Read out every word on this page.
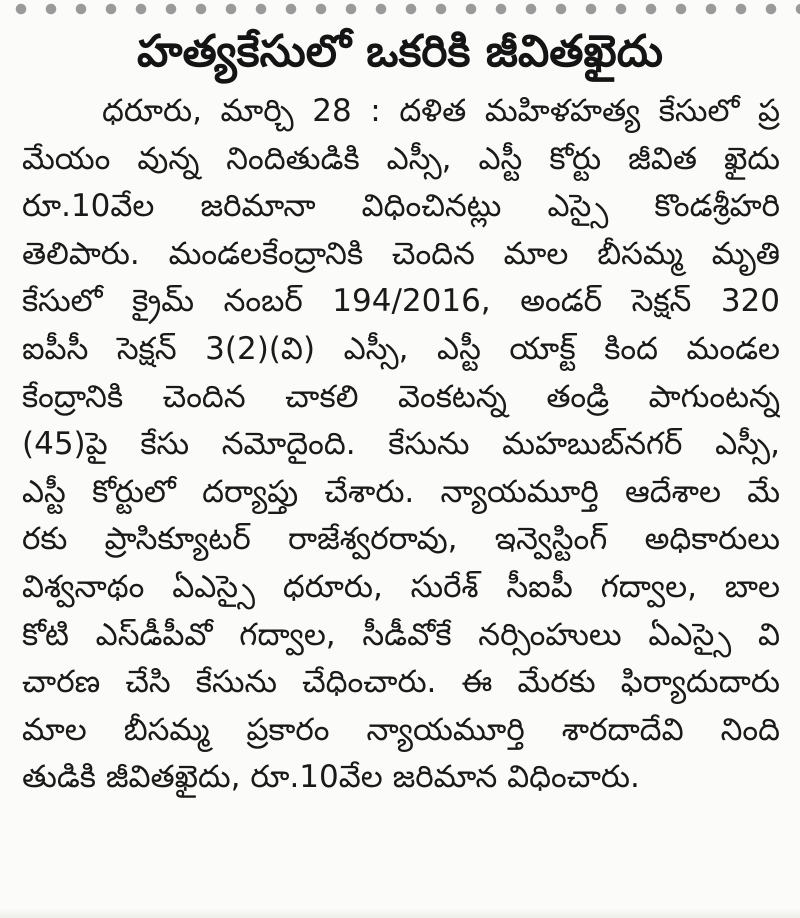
హత్యకేసులో ఒకరికి జీవితఖైదు
ధరూరు, మార్చి 28 : దళిత మహిళహత్య కేసులో ప్ర
మేయం వున్న నిందితుడికి ఎస్సీ, ఎస్టీ కోర్టు జీవిత ఖైదు
రూ.10వేల జరిమానా విధించినట్లు ఎస్సై కొండశ్రీహరి
తెలిపారు. మండలకేంద్రానికి చెందిన మాల బీసమ్మ మృతి
కేసులో క్రైమ్ నంబర్ 194/2016, అండర్ సెక్షన్ 320
ఐపీసీ సెక్షన్ 3(2)(వి) ఎస్సీ, ఎస్టీ యాక్ట్ కింద మండల
కేంద్రానికి చెందిన చాకలి వెంకటన్న తండ్రి పాగుంటన్న
(45)పై కేసు నమోదైంది. కేసును మహబుబ్‌నగర్ ఎస్సీ,
ఎస్టీ కోర్టులో దర్యాప్తు చేశారు. న్యాయమూర్తి ఆదేశాల మే
రకు ప్రాసిక్యూటర్ రాజేశ్వరరావు, ఇన్వెస్టింగ్ అధికారులు
విశ్వనాథం ఏఎస్సై ధరూరు, సురేశ్ సీఐపీ గద్వాల, బాల
కోటి ఎస్‌డీపీవో గద్వాల, సీడీవోకే నర్సింహులు ఏఎస్సై వి
చారణ చేసి కేసును చేధించారు. ఈ మేరకు ఫిర్యాదుదారు
మాల బీసమ్మ ప్రకారం న్యాయమూర్తి శారదాదేవి నింది
తుడికి జీవితఖైదు, రూ.10వేల జరిమాన విధించారు.
